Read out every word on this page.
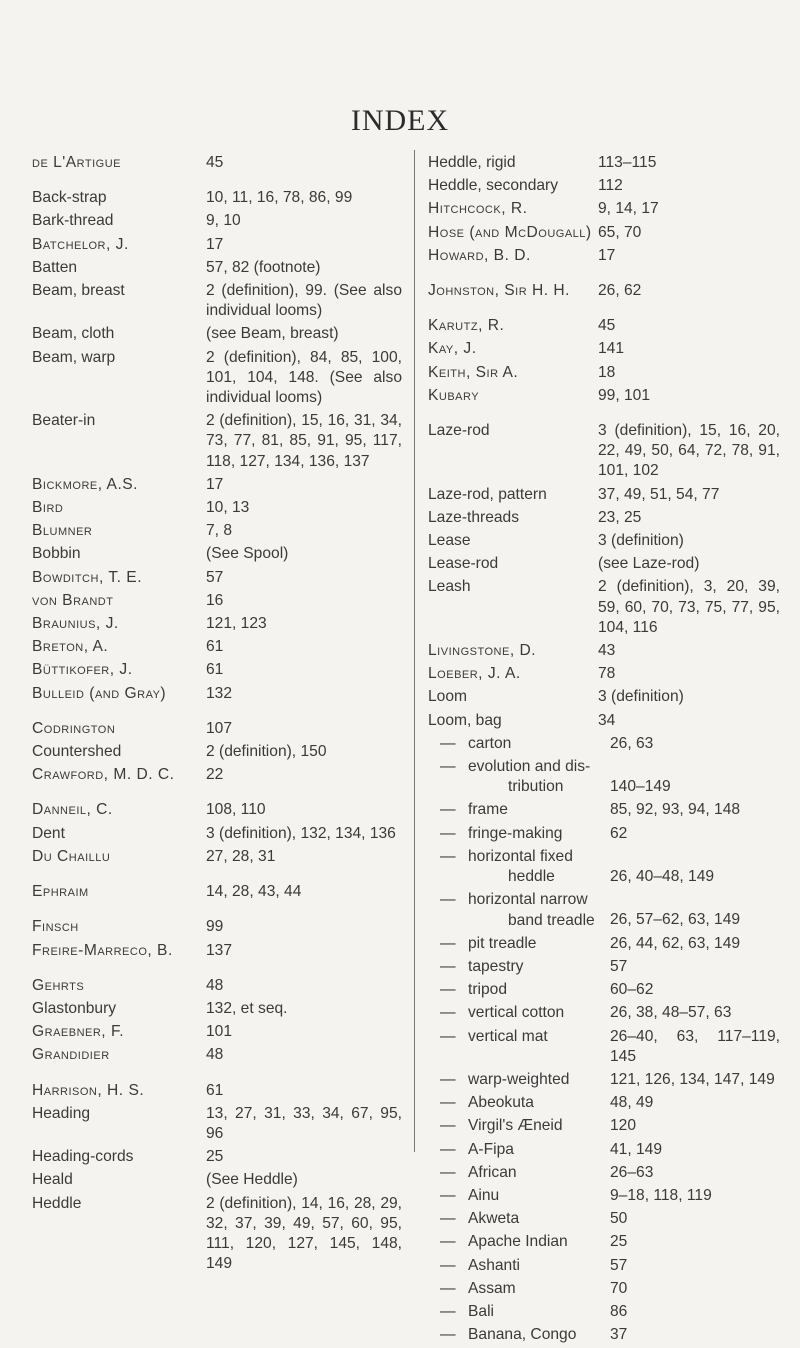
INDEX
de L'Artigue	45
Back-strap	10, 11, 16, 78, 86, 99
Bark-thread	9, 10
Batchelor, J.	17
Batten	57, 82 (footnote)
Beam, breast	2 (definition), 99. (See also individual looms)
Beam, cloth	(see Beam, breast)
Beam, warp	2 (definition), 84, 85, 100, 101, 104, 148. (See also individual looms)
Beater-in	2 (definition), 15, 16, 31, 34, 73, 77, 81, 85, 91, 95, 117, 118, 127, 134, 136, 137
Bickmore, A.S.	17
Bird	10, 13
Blumner	7, 8
Bobbin	(See Spool)
Bowditch, T. E.	57
von Brandt	16
Braunius, J.	121, 123
Breton, A.	61
Büttikofer, J.	61
Bulleid (and Gray)	132
Codrington	107
Countershed	2 (definition), 150
Crawford, M. D. C.	22
Danneil, C.	108, 110
Dent	3 (definition), 132, 134, 136
Du Chaillu	27, 28, 31
Ephraim	14, 28, 43, 44
Finsch	99
Freire-Marreco, B.	137
Gehrts	48
Glastonbury	132, et seq.
Graebner, F.	101
Grandidier	48
Harrison, H. S.	61
Heading	13, 27, 31, 33, 34, 67, 95, 96
Heading-cords	25
Heald	(See Heddle)
Heddle	2 (definition), 14, 16, 28, 29, 32, 37, 39, 49, 57, 60, 95, 111, 120, 127, 145, 148, 149
Heddle, rigid	113–115
Heddle, secondary	112
Hitchcock, R.	9, 14, 17
Hose (and McDougall) 65, 70
Howard, B. D.	17
Johnston, Sir H. H.	26, 62
Karutz, R.	45
Kay, J.	141
Keith, Sir A.	18
Kubary	99, 101
Laze-rod	3 (definition), 15, 16, 20, 22, 49, 50, 64, 72, 78, 91, 101, 102
Laze-rod, pattern	37, 49, 51, 54, 77
Laze-threads	23, 25
Lease	3 (definition)
Lease-rod	(see Laze-rod)
Leash	2 (definition), 3, 20, 39, 59, 60, 70, 73, 75, 77, 95, 104, 116
Livingstone, D.	43
Loeber, J. A.	78
Loom	3 (definition)
Loom, bag	34
— carton	26, 63
— evolution and dis-
tribution	140–149
— frame	85, 92, 93, 94, 148
— fringe-making	62
— horizontal fixed
heddle	26, 40–48, 149
— horizontal narrow
band treadle 26, 57–62, 63, 149
— pit treadle	26, 44, 62, 63, 149
— tapestry	57
— tripod	60–62
— vertical cotton	26, 38, 48–57, 63
— vertical mat	26–40, 63, 117–119, 145
— warp-weighted	121, 126, 134, 147, 149
— Abeokuta	48, 49
— Virgil's Æneid	120
— A-Fipa	41, 149
— African	26–63
— Ainu	9–18, 118, 119
— Akweta	50
— Apache Indian	25
— Ashanti	57
— Assam	70
— Bali	86
— Banana, Congo	37
